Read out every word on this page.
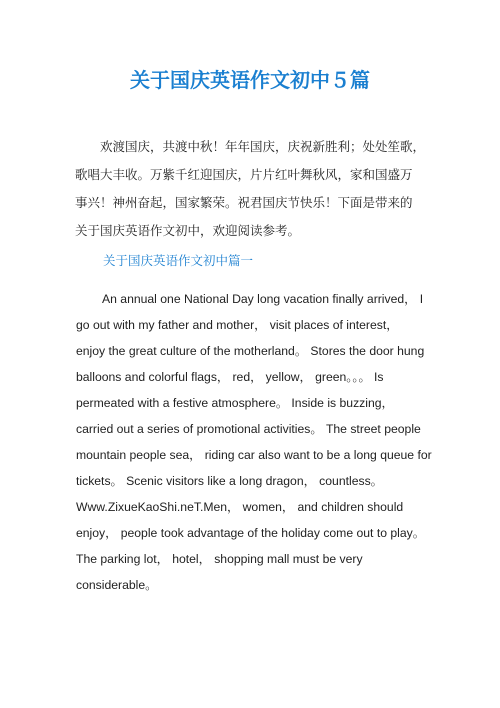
关于国庆英语作文初中５篇

　　欢渡国庆，共渡中秋！年年国庆，庆祝新胜利；处处笙歌，

歌唱大丰收。万紫千红迎国庆，片片红叶舞秋风，家和国盛万

事兴！神州奋起，国家繁荣。祝君国庆节快乐！下面是带来的

关于国庆英语作文初中，欢迎阅读参考。

关于国庆英语作文初中篇一

An annual one National Day long vacation finally arrived， I

go out with my father and mother， visit places of interest，

enjoy the great culture of the motherland。 Stores the door hung

balloons and colorful flags， red， yellow， green。。。 Is

permeated with a festive atmosphere。 Inside is buzzing，

carried out a series of promotional activities。 The street people

mountain people sea， riding car also want to be a long queue for

tickets。 Scenic visitors like a long dragon， countless。

Www.ZixueKaoShi.neT.Men， women， and children should

enjoy， people took advantage of the holiday come out to play。

The parking lot， hotel， shopping mall must be very

considerable。
